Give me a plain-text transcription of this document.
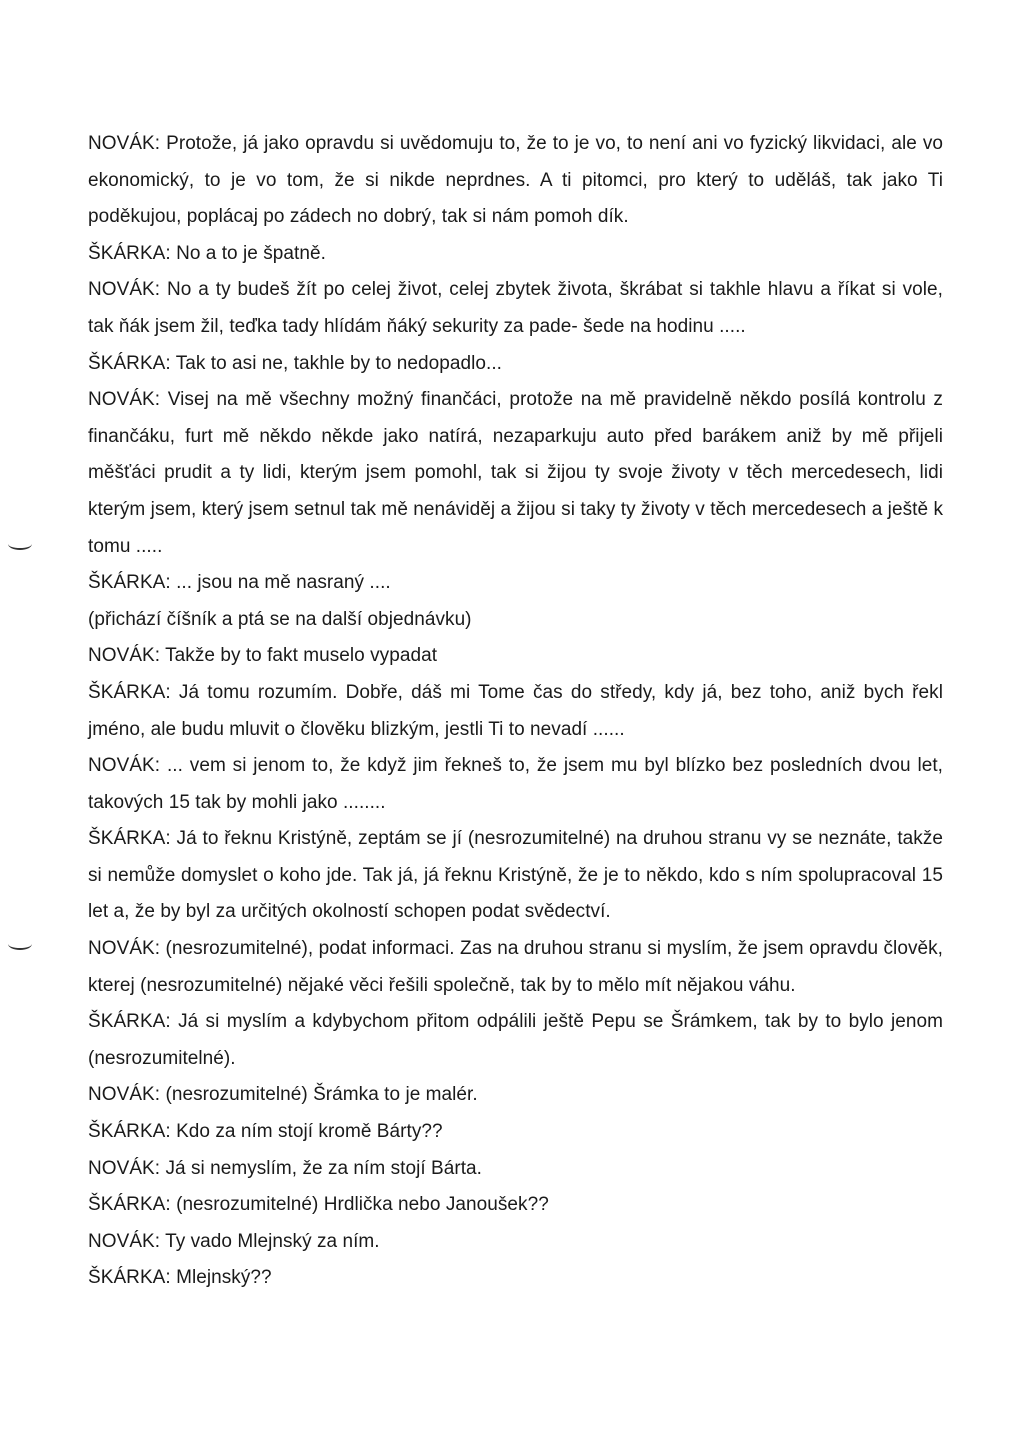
NOVÁK: Protože, já jako opravdu si uvědomuju to, že to je vo, to není ani vo fyzický likvidaci, ale vo ekonomický, to je vo tom, že si nikde neprdnes. A ti pitomci, pro který to uděláš, tak jako Ti poděkujou, poplácaj po zádech no dobrý, tak si nám pomoh dík.

ŠKÁRKA: No a to je špatně.

NOVÁK: No a ty budeš žít po celej život, celej zbytek života, škrábat si takhle hlavu a říkat si vole, tak ňák jsem žil, teďka tady hlídám ňáký sekurity za pade- šede na hodinu .....

ŠKÁRKA: Tak to asi ne, takhle by to nedopadlo...

NOVÁK: Visej na mě všechny možný finančáci, protože na mě pravidelně někdo posílá kontrolu z finančáku, furt mě někdo někde jako natírá, nezaparkuju auto před barákem aniž by mě přijeli měšťáci prudit a ty lidi, kterým jsem pomohl, tak si žijou ty svoje životy v těch mercedesech, lidi kterým jsem, který jsem setnul tak mě nenáviděj a žijou si taky ty životy v těch mercedesech a ještě k tomu .....

ŠKÁRKA: ... jsou na mě nasraný ....

(přichází číšník a ptá se na další objednávku)

NOVÁK: Takže by to fakt muselo vypadat

ŠKÁRKA: Já tomu rozumím. Dobře, dáš mi Tome čas do středy, kdy já, bez toho, aniž bych řekl jméno, ale budu mluvit o člověku blizkým, jestli Ti to nevadí ......

NOVÁK: ... vem si jenom to, že když jim řekneš to, že jsem mu byl blízko bez posledních dvou let, takových 15 tak by mohli jako ........

ŠKÁRKA: Já to řeknu Kristýně, zeptám se jí (nesrozumitelné) na druhou stranu vy se neznáte, takže si nemůže domyslet o koho jde. Tak já, já řeknu Kristýně, že je to někdo, kdo s ním spolupracoval 15 let a, že by byl za určitých okolností schopen podat svědectví.

NOVÁK: (nesrozumitelné), podat informaci. Zas na druhou stranu si myslím, že jsem opravdu člověk, kterej (nesrozumitelné) nějaké věci řešili společně, tak by to mělo mít nějakou váhu.

ŠKÁRKA: Já si myslím a kdybychom přitom odpálili ještě Pepu se Šrámkem, tak by to bylo jenom (nesrozumitelné).

NOVÁK: (nesrozumitelné) Šrámka to je malér.

ŠKÁRKA: Kdo za ním stojí kromě Bárty??

NOVÁK: Já si nemyslím, že za ním stojí Bárta.

ŠKÁRKA: (nesrozumitelné) Hrdlička nebo Janoušek??

NOVÁK: Ty vado Mlejnský za ním.

ŠKÁRKA: Mlejnský??
